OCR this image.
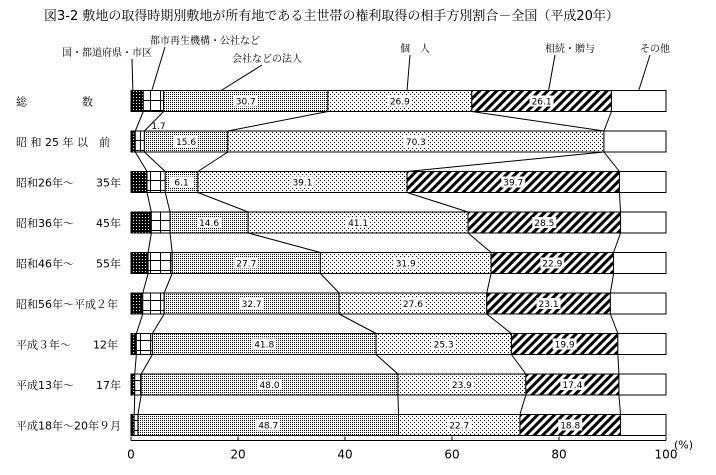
図3-2 敷地の取得時期別敷地が所有地である主世帯の権利取得の相手方別割合－全国（平成20年）
国・都道府県・市区
都市再生機構・公社など
会社などの法人
個　人	相続・贈与	その他
30.7	26.9	26.1
15.6	70.3
6.1	39.1	39.7
14.6	41.1	28.5
27.7	31.9	22.9
32.7	27.6	23.1
41.8	25.3	19.9
48.0	23.9	17.4
48.7	22.7	18.8
1.7
総　　　　　数
昭 和 25 年 以　前
昭和26年～　　35年
昭和36年～　　45年
昭和46年～　　55年
昭和56年～平成２年
平成３年～　　12年
平成13年～　　17年
平成18年～20年９月
0	20	40	60	80	100
(%)
